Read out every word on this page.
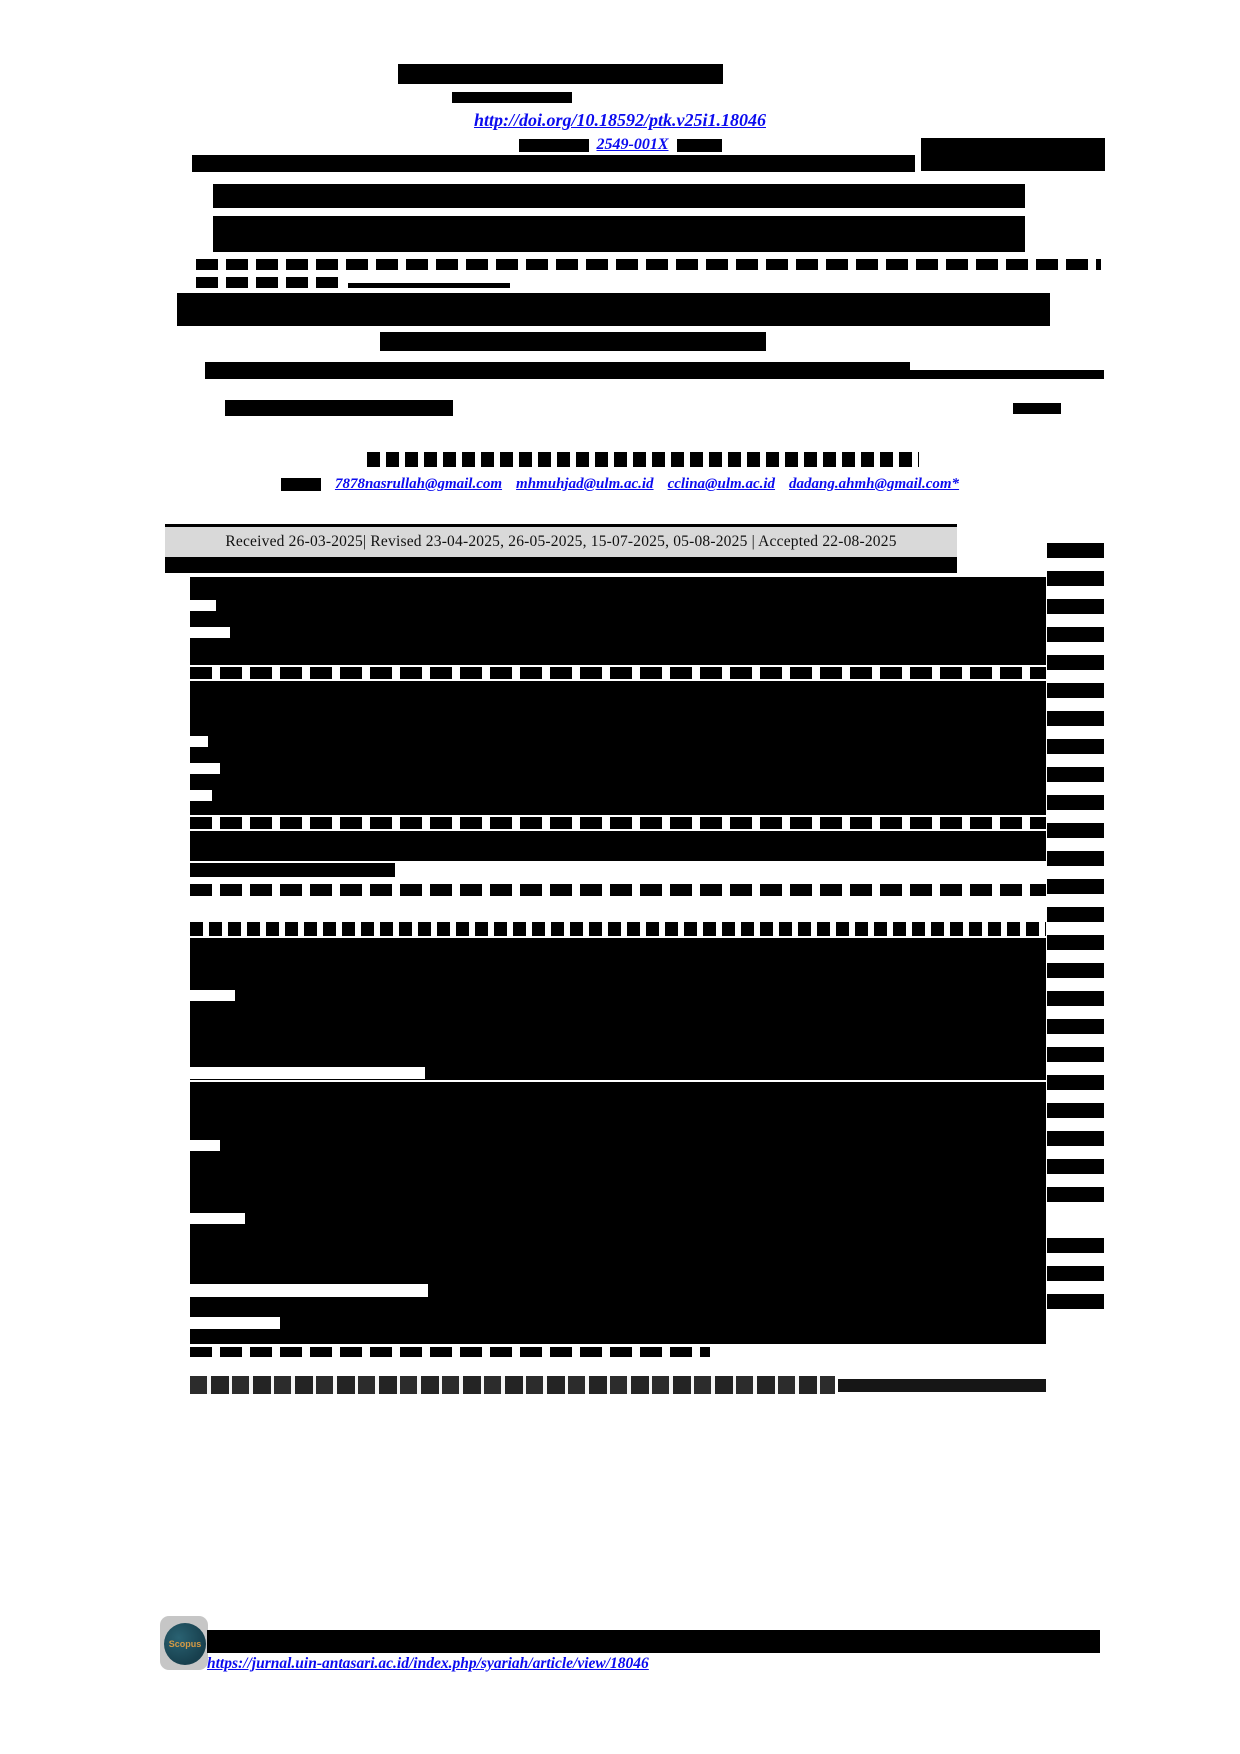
http://doi.org/10.18592/ptk.v25i1.18046
2549-001X
7878nasrullah@gmail.com mhmuhjad@ulm.ac.id cclina@ulm.ac.id dadang.ahmh@gmail.com*
Received 26-03-2025| Revised 23-04-2025, 26-05-2025, 15-07-2025, 05-08-2025 | Accepted 22-08-2025
Scopus
https://jurnal.uin-antasari.ac.id/index.php/syariah/article/view/18046
